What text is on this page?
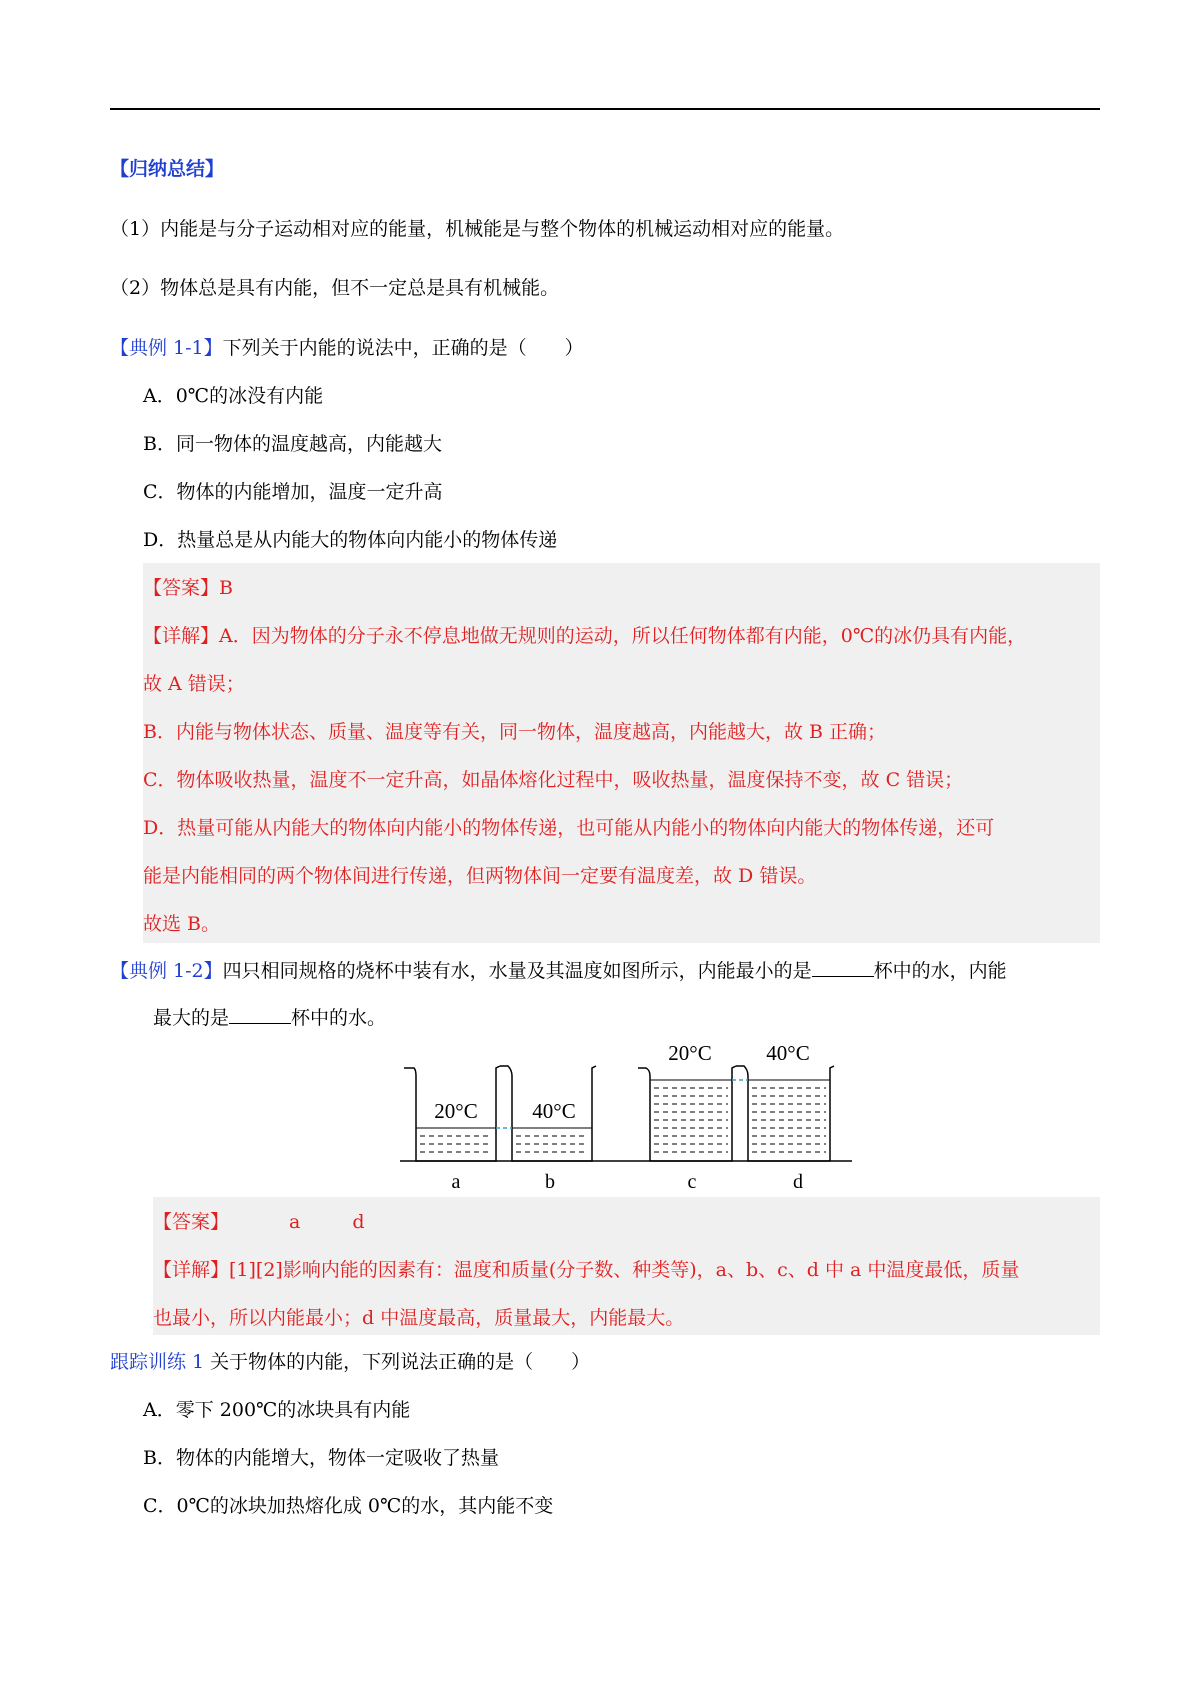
【归纳总结】
（1）内能是与分子运动相对应的能量，机械能是与整个物体的机械运动相对应的能量。
（2）物体总是具有内能，但不一定总是具有机械能。
【典例 1-1】下列关于内能的说法中，正确的是（　　）
A．0℃的冰没有内能
B．同一物体的温度越高，内能越大
C．物体的内能增加，温度一定升高
D．热量总是从内能大的物体向内能小的物体传递
【答案】B
【详解】A．因为物体的分子永不停息地做无规则的运动，所以任何物体都有内能，0℃的冰仍具有内能，
故 A 错误；
B．内能与物体状态、质量、温度等有关，同一物体，温度越高，内能越大，故 B 正确；
C．物体吸收热量，温度不一定升高，如晶体熔化过程中，吸收热量，温度保持不变，故 C 错误；
D．热量可能从内能大的物体向内能小的物体传递，也可能从内能小的物体向内能大的物体传递，还可
能是内能相同的两个物体间进行传递，但两物体间一定要有温度差，故 D 错误。
故选 B。
【典例 1-2】四只相同规格的烧杯中装有水，水量及其温度如图所示，内能最小的是	杯中的水，内能
最大的是	杯中的水。
20°C
a
40°C
b
20°C
c
40°C
d
【答案】	a	d
【详解】[1][2]影响内能的因素有：温度和质量(分子数、种类等)，a、b、c、d 中 a 中温度最低，质量
也最小，所以内能最小；d 中温度最高，质量最大，内能最大。
跟踪训练 1 关于物体的内能，下列说法正确的是（　　）
A．零下 200℃的冰块具有内能
B．物体的内能增大，物体一定吸收了热量
C．0℃的冰块加热熔化成 0℃的水，其内能不变
